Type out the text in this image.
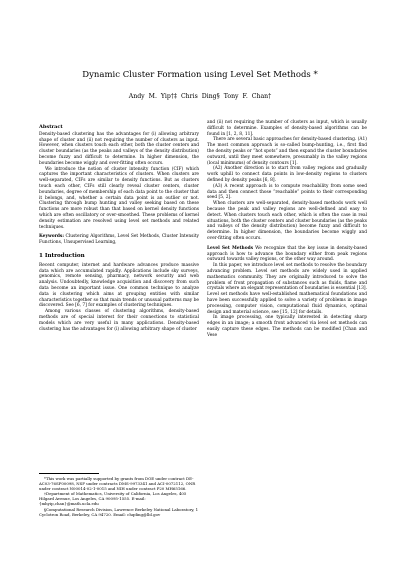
Dynamic Cluster Formation using Level Set Methods *
Andy M. Yip†‡ Chris Ding§ Tony F. Chan†
Abstract

Density-based clustering has the advantages for (i) allowing arbitrary shape of cluster and (ii) not requiring the number of clusters as input. However, when clusters touch each other, both the cluster centers and cluster boundaries (as the peaks and valleys of the density distribution) become fuzzy and difficult to determine. In higher dimension, the boundaries become wiggly and over-fitting often occurs.

We introduce the notion of cluster intensity function (CIF) which captures the important characteristics of clusters. When clusters are well-separated, CIFs are similar to density functions. But as clusters touch each other, CIFs still clearly reveal cluster centers, cluster boundaries, degree of membership of each data point to the cluster that it belongs, and, whether a certain data point is an outlier or not. Clustering through bump hunting and valley seeking based on these functions are more robust than that based on kernel density functions which are often oscillatory or over-smoothed. These problems of kernel density estimation are resolved using level set methods and related techniques.

Keywords: Clustering Algorithms, Level Set Methods, Cluster Intensity Functions, Unsupervised Learning,
1 Introduction

Recent computer, internet and hardware advances produce massive data which are accumulated rapidly. Applications include sky surveys, genomics, remote sensing, pharmacy, network security and web analysis. Undoubtedly, knowledge acquisition and discovery from such data become an important issue. One common technique to analyze data is clustering which aims at grouping entities with similar characteristics together so that main trends or unusual patterns may be discovered. See [6, 7] for examples of clustering techniques.

Among various classes of clustering algorithms, density-based methods are of special interest for their connections to statistical models which are very useful in many applications. Density-based clustering has the advantages for (i) allowing arbitrary shape of cluster

*This work was partially supported by grants from DOE under contract DE-AC03-76SF00098, NSF under contracts DMS-9973341 and ACI-0072112, ONR under contract N00014-02-1-0015 and NIH under contract P20 MH65166.

†Department of Mathematics, University of California, Los Angeles, 405 Hilgard Avenue, Los Angeles, CA 90095-1555. E-mail: {mhyip,chan}@math.ucla.edu

§Computational Research Division, Lawrence Berkeley National Laboratory, 1 Cyclotron Road, Berkeley, CA 94720. Email: chqding@lbl.gov

and (ii) not requiring the number of clusters as input, which is usually difficult to determine. Examples of density-based algorithms can be found in [1, 2, 8, 11].

There are several basic approaches for density-based clustering. (A1) The most common approach is so-called bump-hunting, i.e., first find the density peaks or “hot spots” and then expand the cluster boundaries outward, until they meet somewhere, presumably in the valley regions (local minimums) of density contours [1].

(A2) Another direction is to start from valley regions and gradually work uphill to connect data points in low-density regions to clusters defined by density peaks [6, 8].

(A3) A recent approach is to compute reachability from some seed data and then connect those “reachable” points to their corresponding seed [5, 2].

When clusters are well-separated, density-based methods work well because the peak and valley regions are well-defined and easy to detect. When clusters touch each other, which is often the case in real situations, both the cluster centers and cluster boundaries (as the peaks and valleys of the density distribution) become fuzzy and difficult to determine. In higher dimension, the boundaries become wiggly and over-fitting often occurs.

Level Set Methods We recognize that the key issue in density-based approach is how to advance the boundary either from peak regions outward towards valley regions, or the other way around.

In this paper, we introduce level set methods to resolve the boundary advancing problem. Level set methods are widely used in applied mathematics community. They are originally introduced to solve the problem of front propagation of substances such as fluids, flame and crystals where an elegant representation of boundaries is essential [13]. Level set methods have well-established mathematical foundations and have been successfully applied to solve a variety of problems in image processing, computer vision, computational fluid dynamics, optimal design and material science, see [15, 12] for details.

In image processing, one typically interested in detecting sharp edges in an image; a smooth front advanced via level set methods can easily capture these edges. The methods can be modified [Chan and Vese
